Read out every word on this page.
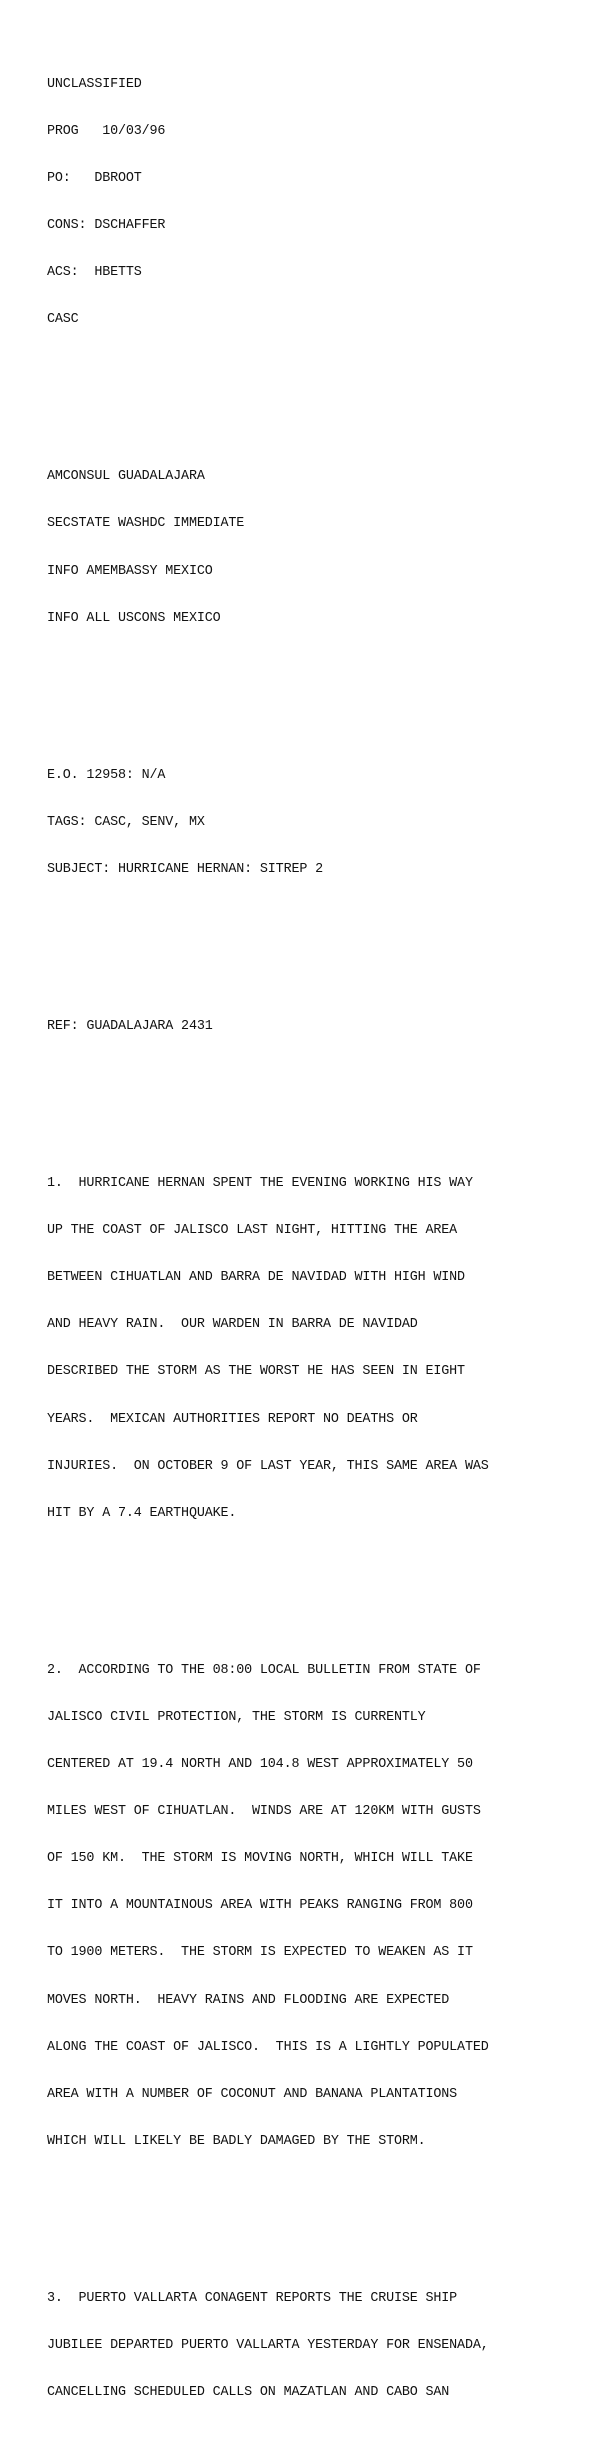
UNCLASSIFIED

PROG   10/03/96

PO:   DBROOT

CONS: DSCHAFFER

ACS:  HBETTS

CASC

AMCONSUL GUADALAJARA

SECSTATE WASHDC IMMEDIATE

INFO AMEMBASSY MEXICO

INFO ALL USCONS MEXICO

E.O. 12958: N/A

TAGS: CASC, SENV, MX

SUBJECT: HURRICANE HERNAN: SITREP 2

REF: GUADALAJARA 2431

1.  HURRICANE HERNAN SPENT THE EVENING WORKING HIS WAY

UP THE COAST OF JALISCO LAST NIGHT, HITTING THE AREA

BETWEEN CIHUATLAN AND BARRA DE NAVIDAD WITH HIGH WIND

AND HEAVY RAIN.  OUR WARDEN IN BARRA DE NAVIDAD

DESCRIBED THE STORM AS THE WORST HE HAS SEEN IN EIGHT

YEARS.  MEXICAN AUTHORITIES REPORT NO DEATHS OR

INJURIES.  ON OCTOBER 9 OF LAST YEAR, THIS SAME AREA WAS

HIT BY A 7.4 EARTHQUAKE.

2.  ACCORDING TO THE 08:00 LOCAL BULLETIN FROM STATE OF

JALISCO CIVIL PROTECTION, THE STORM IS CURRENTLY

CENTERED AT 19.4 NORTH AND 104.8 WEST APPROXIMATELY 50

MILES WEST OF CIHUATLAN.  WINDS ARE AT 120KM WITH GUSTS

OF 150 KM.  THE STORM IS MOVING NORTH, WHICH WILL TAKE

IT INTO A MOUNTAINOUS AREA WITH PEAKS RANGING FROM 800

TO 1900 METERS.  THE STORM IS EXPECTED TO WEAKEN AS IT

MOVES NORTH.  HEAVY RAINS AND FLOODING ARE EXPECTED

ALONG THE COAST OF JALISCO.  THIS IS A LIGHTLY POPULATED

AREA WITH A NUMBER OF COCONUT AND BANANA PLANTATIONS

WHICH WILL LIKELY BE BADLY DAMAGED BY THE STORM.

3.  PUERTO VALLARTA CONAGENT REPORTS THE CRUISE SHIP

JUBILEE DEPARTED PUERTO VALLARTA YESTERDAY FOR ENSENADA,

CANCELLING SCHEDULED CALLS ON MAZATLAN AND CABO SAN
